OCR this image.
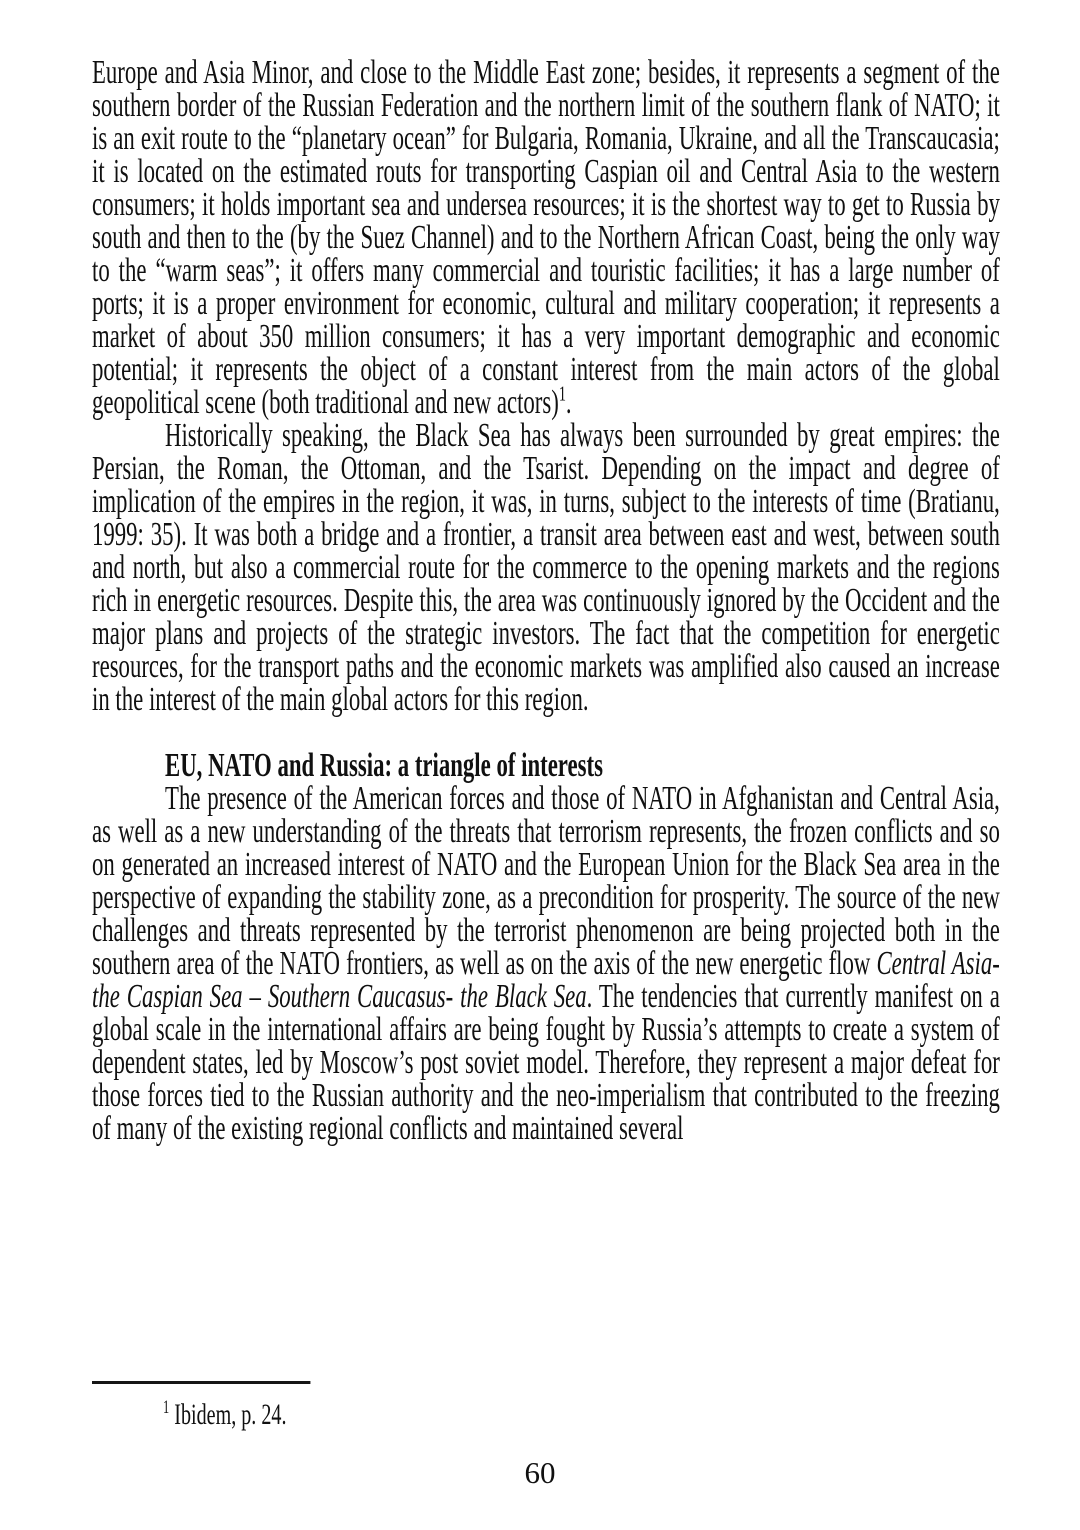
Europe and Asia Minor, and close to the Middle East zone; besides, it represents a segment of the southern border of the Russian Federation and the northern limit of the southern flank of NATO; it is an exit route to the “planetary ocean” for Bulgaria, Romania, Ukraine, and all the Transcaucasia; it is located on the estimated routs for transporting Caspian oil and Central Asia to the western consumers; it holds important sea and undersea resources; it is the shortest way to get to Russia by south and then to the (by the Suez Channel) and to the Northern African Coast, being the only way to the “warm seas”; it offers many commercial and touristic facilities; it has a large number of ports; it is a proper environment for economic, cultural and military cooperation; it represents a market of about 350 million consumers; it has a very important demographic and economic potential; it represents the object of a constant interest from the main actors of the global geopolitical scene (both traditional and new actors)$^1$.

Historically speaking, the Black Sea has always been surrounded by great empires: the Persian, the Roman, the Ottoman, and the Tsarist. Depending on the impact and degree of implication of the empires in the region, it was, in turns, subject to the interests of time (Bratianu, 1999: 35). It was both a bridge and a frontier, a transit area between east and west, between south and north, but also a commercial route for the commerce to the opening markets and the regions rich in energetic resources. Despite this, the area was continuously ignored by the Occident and the major plans and projects of the strategic investors. The fact that the competition for energetic resources, for the transport paths and the economic markets was amplified also caused an increase in the interest of the main global actors for this region.

EU, NATO and Russia: a triangle of interests

The presence of the American forces and those of NATO in Afghanistan and Central Asia, as well as a new understanding of the threats that terrorism represents, the frozen conflicts and so on generated an increased interest of NATO and the European Union for the Black Sea area in the perspective of expanding the stability zone, as a precondition for prosperity. The source of the new challenges and threats represented by the terrorist phenomenon are being projected both in the southern area of the NATO frontiers, as well as on the axis of the new energetic flow Central Asia- the Caspian Sea – Southern Caucasus- the Black Sea. The tendencies that currently manifest on a global scale in the international affairs are being fought by Russia’s attempts to create a system of dependent states, led by Moscow’s post soviet model. Therefore, they represent a major defeat for those forces tied to the Russian authority and the neo-imperialism that contributed to the freezing of many of the existing regional conflicts and maintained several

$^1$ Ibidem, p. 24.

60
